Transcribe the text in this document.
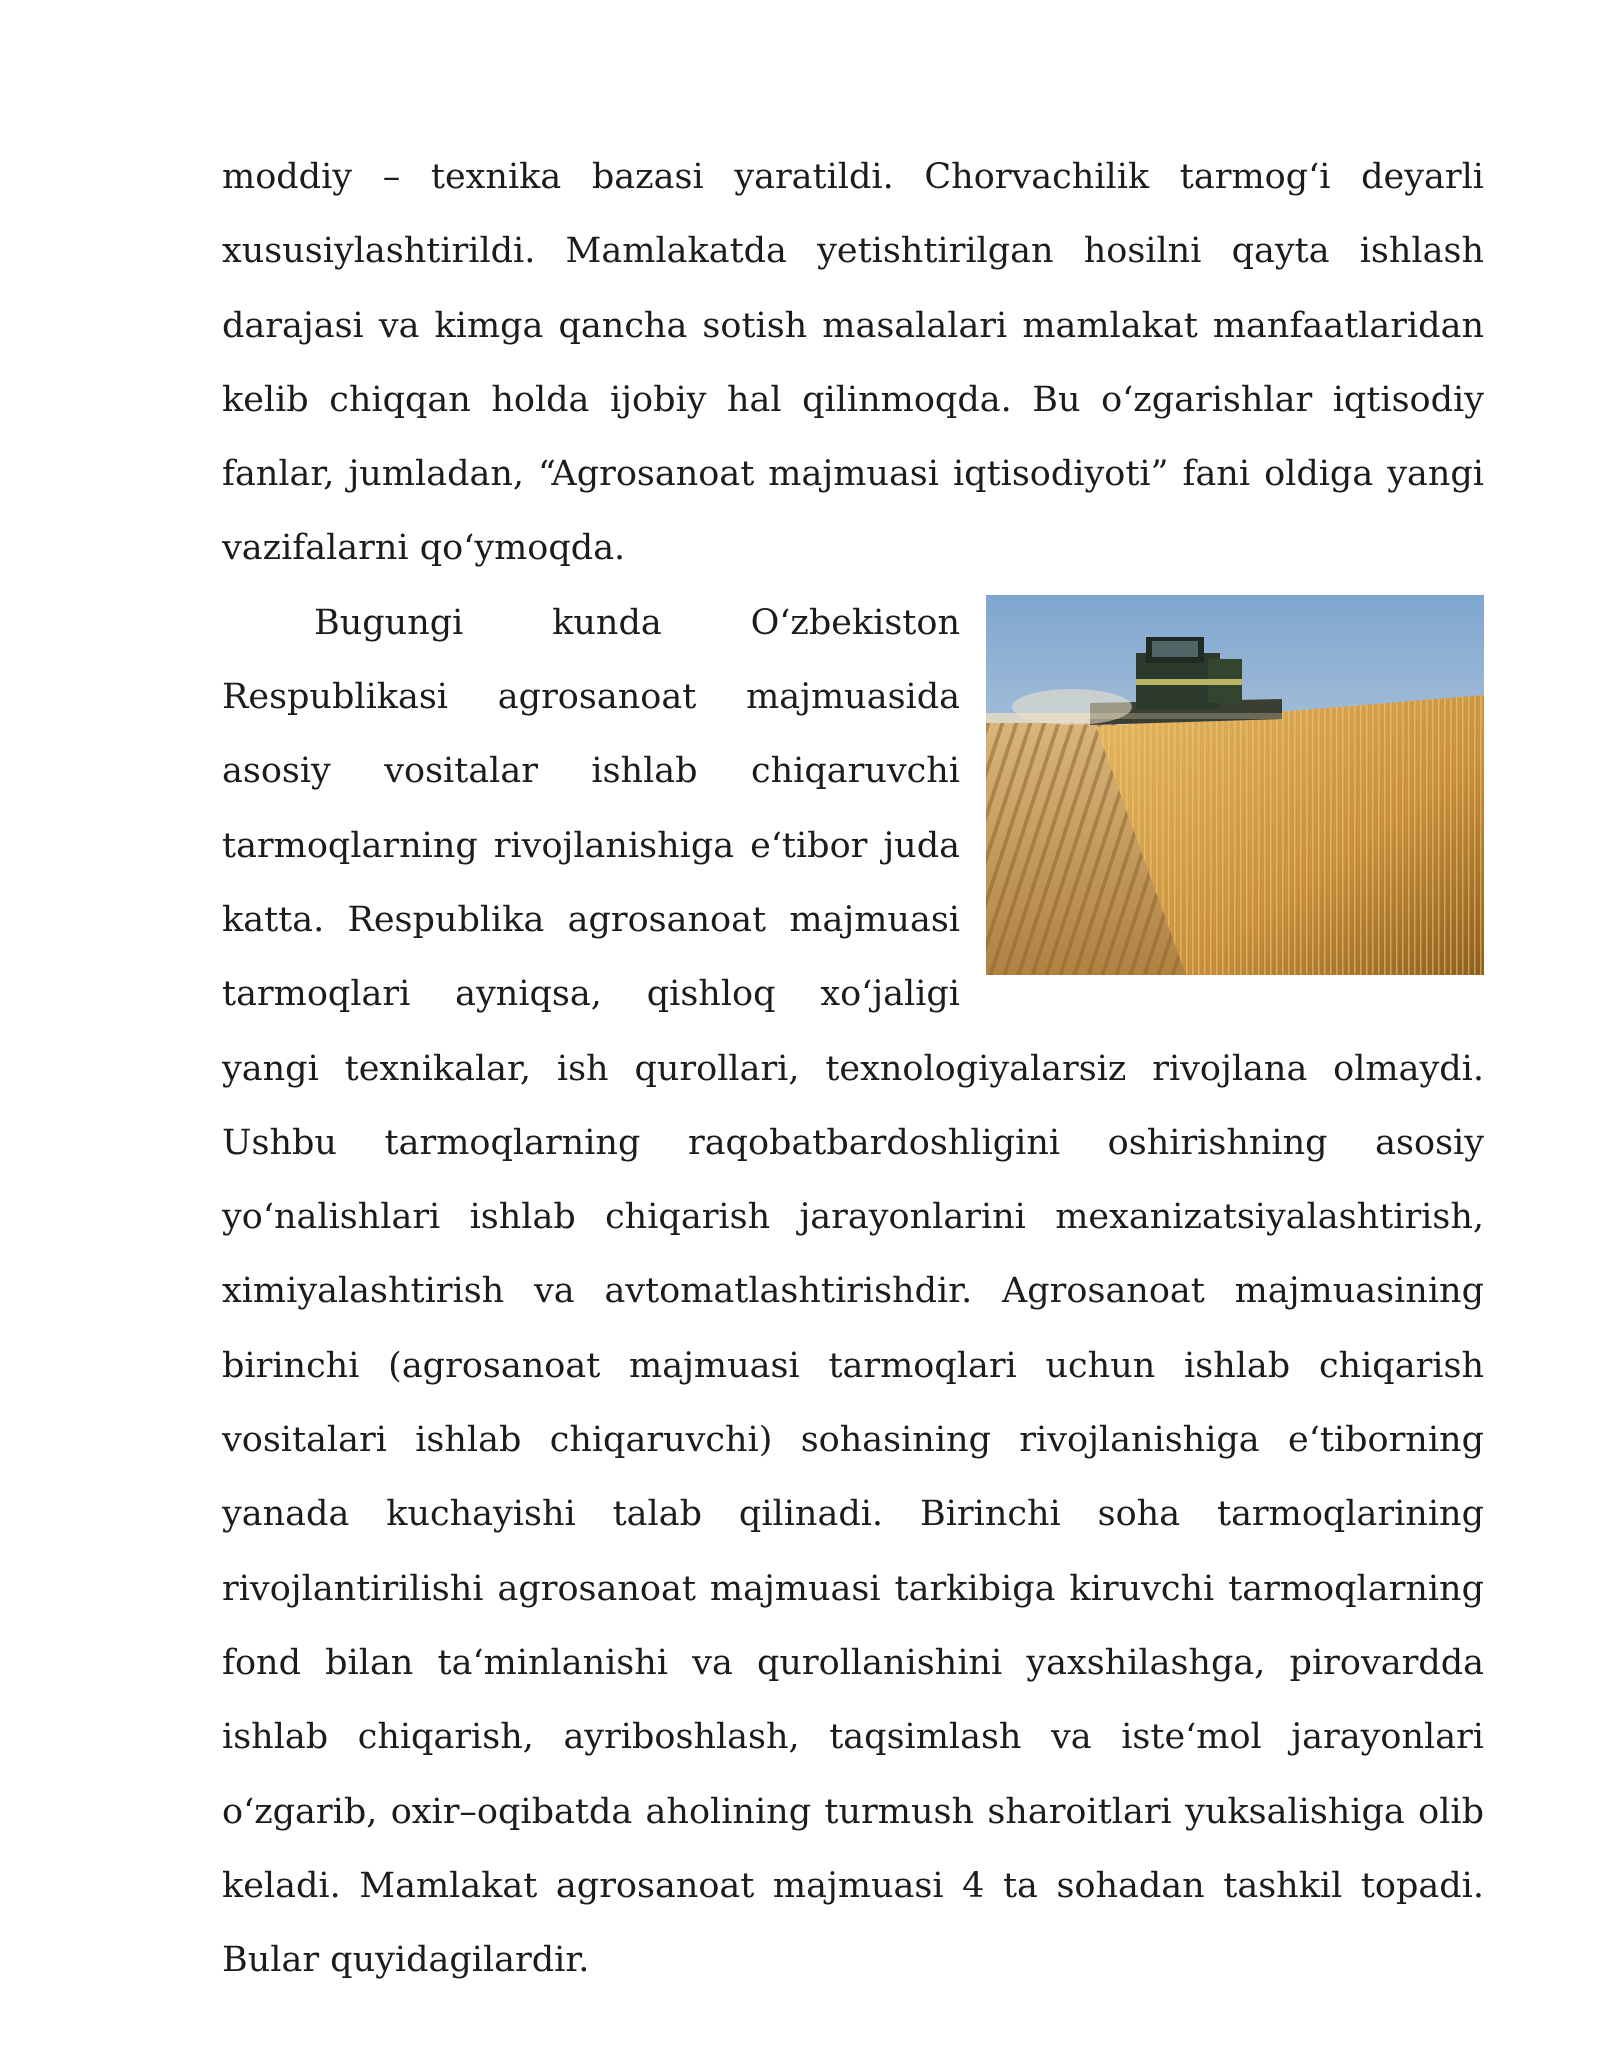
moddiy – texnika bazasi yaratildi. Chorvachilik tarmog‘i deyarli xususiylashtirildi. Mamlakatda yetishtirilgan hosilni qayta ishlash darajasi va kimga qancha sotish masalalari mamlakat manfaatlaridan kelib chiqqan holda ijobiy hal qilinmoqda. Bu o‘zgarishlar iqtisodiy fanlar, jumladan, “Agrosanoat majmuasi iqtisodiyoti” fani oldiga yangi vazifalarni qo‘ymoqda.

Bugungi kunda O‘zbekiston Respublikasi agrosanoat majmuasida asosiy vositalar ishlab chiqaruvchi tarmoqlarning rivojlanishiga e‘tibor juda katta. Respublika agrosanoat majmuasi tarmoqlari ayniqsa, qishloq xo‘jaligi yangi texnikalar, ish qurollari, texnologiyalarsiz rivojlana olmaydi. Ushbu tarmoqlarning raqobatbardoshligini oshirishning asosiy yo‘nalishlari ishlab chiqarish jarayonlarini mexanizatsiyalashtirish, ximiyalashtirish va avtomatlashtirishdir. Agrosanoat majmuasining birinchi (agrosanoat majmuasi tarmoqlari uchun ishlab chiqarish vositalari ishlab chiqaruvchi) sohasining rivojlanishiga e‘tiborning yanada kuchayishi talab qilinadi. Birinchi soha tarmoqlarining rivojlantirilishi agrosanoat majmuasi tarkibiga kiruvchi tarmoqlarning fond bilan ta‘minlanishi va qurollanishini yaxshilashga, pirovardda ishlab chiqarish, ayriboshlash, taqsimlash va iste‘mol jarayonlari o‘zgarib, oxir–oqibatda aholining turmush sharoitlari yuksalishiga olib keladi. Mamlakat agrosanoat majmuasi 4 ta sohadan tashkil topadi. Bular quyidagilardir.
